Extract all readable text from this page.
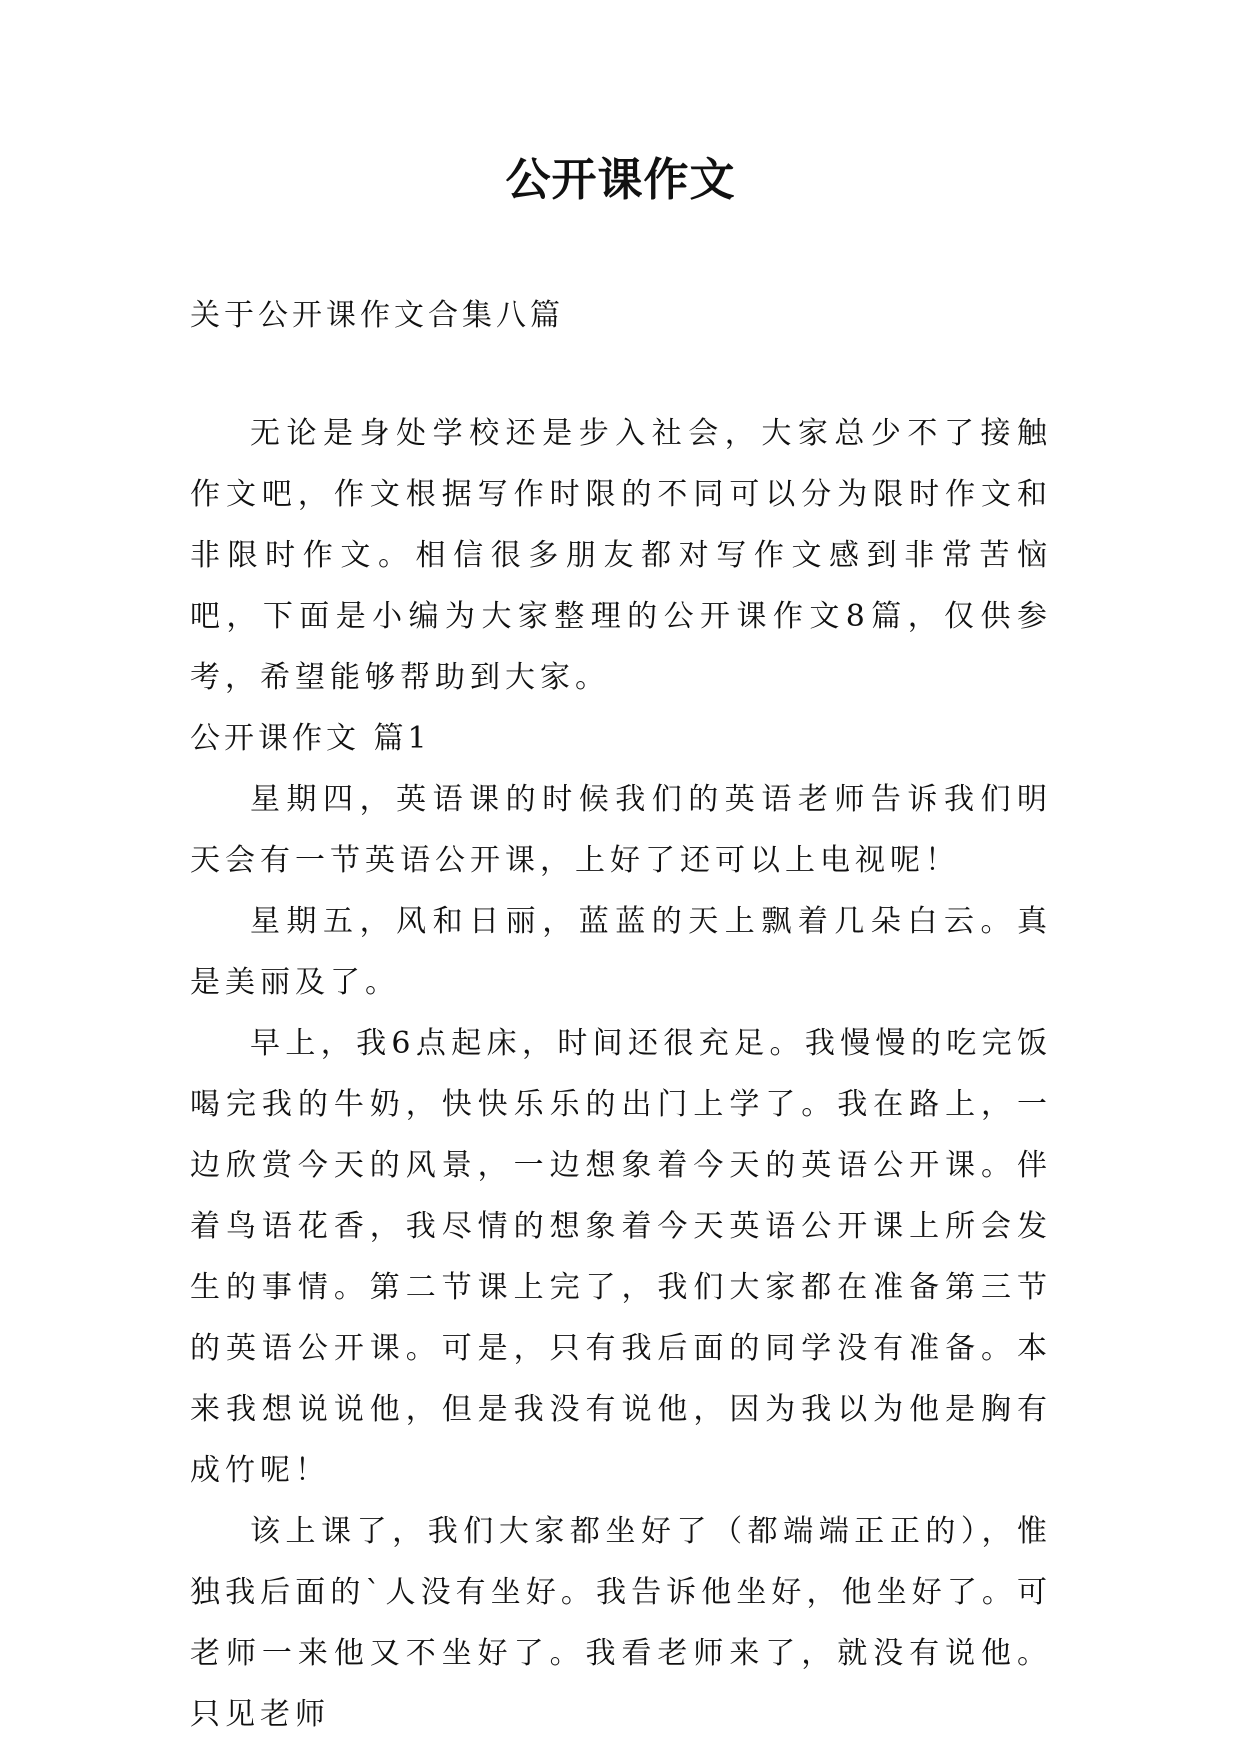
公开课作文

关于公开课作文合集八篇

无论是身处学校还是步入社会，大家总少不了接触作文吧，作文根据写作时限的不同可以分为限时作文和非限时作文。相信很多朋友都对写作文感到非常苦恼吧，下面是小编为大家整理的公开课作文8篇，仅供参考，希望能够帮助到大家。

公开课作文 篇1

星期四，英语课的时候我们的英语老师告诉我们明天会有一节英语公开课，上好了还可以上电视呢！

星期五，风和日丽，蓝蓝的天上飘着几朵白云。真是美丽及了。

早上，我6点起床，时间还很充足。我慢慢的吃完饭喝完我的牛奶，快快乐乐的出门上学了。我在路上，一边欣赏今天的风景，一边想象着今天的英语公开课。伴着鸟语花香，我尽情的想象着今天英语公开课上所会发生的事情。第二节课上完了，我们大家都在准备第三节的英语公开课。可是，只有我后面的同学没有准备。本来我想说说他，但是我没有说他，因为我以为他是胸有成竹呢！

该上课了，我们大家都坐好了（都端端正正的），惟独我后面的`人没有坐好。我告诉他坐好，他坐好了。可老师一来他又不坐好了。我看老师来了，就没有说他。只见老师
